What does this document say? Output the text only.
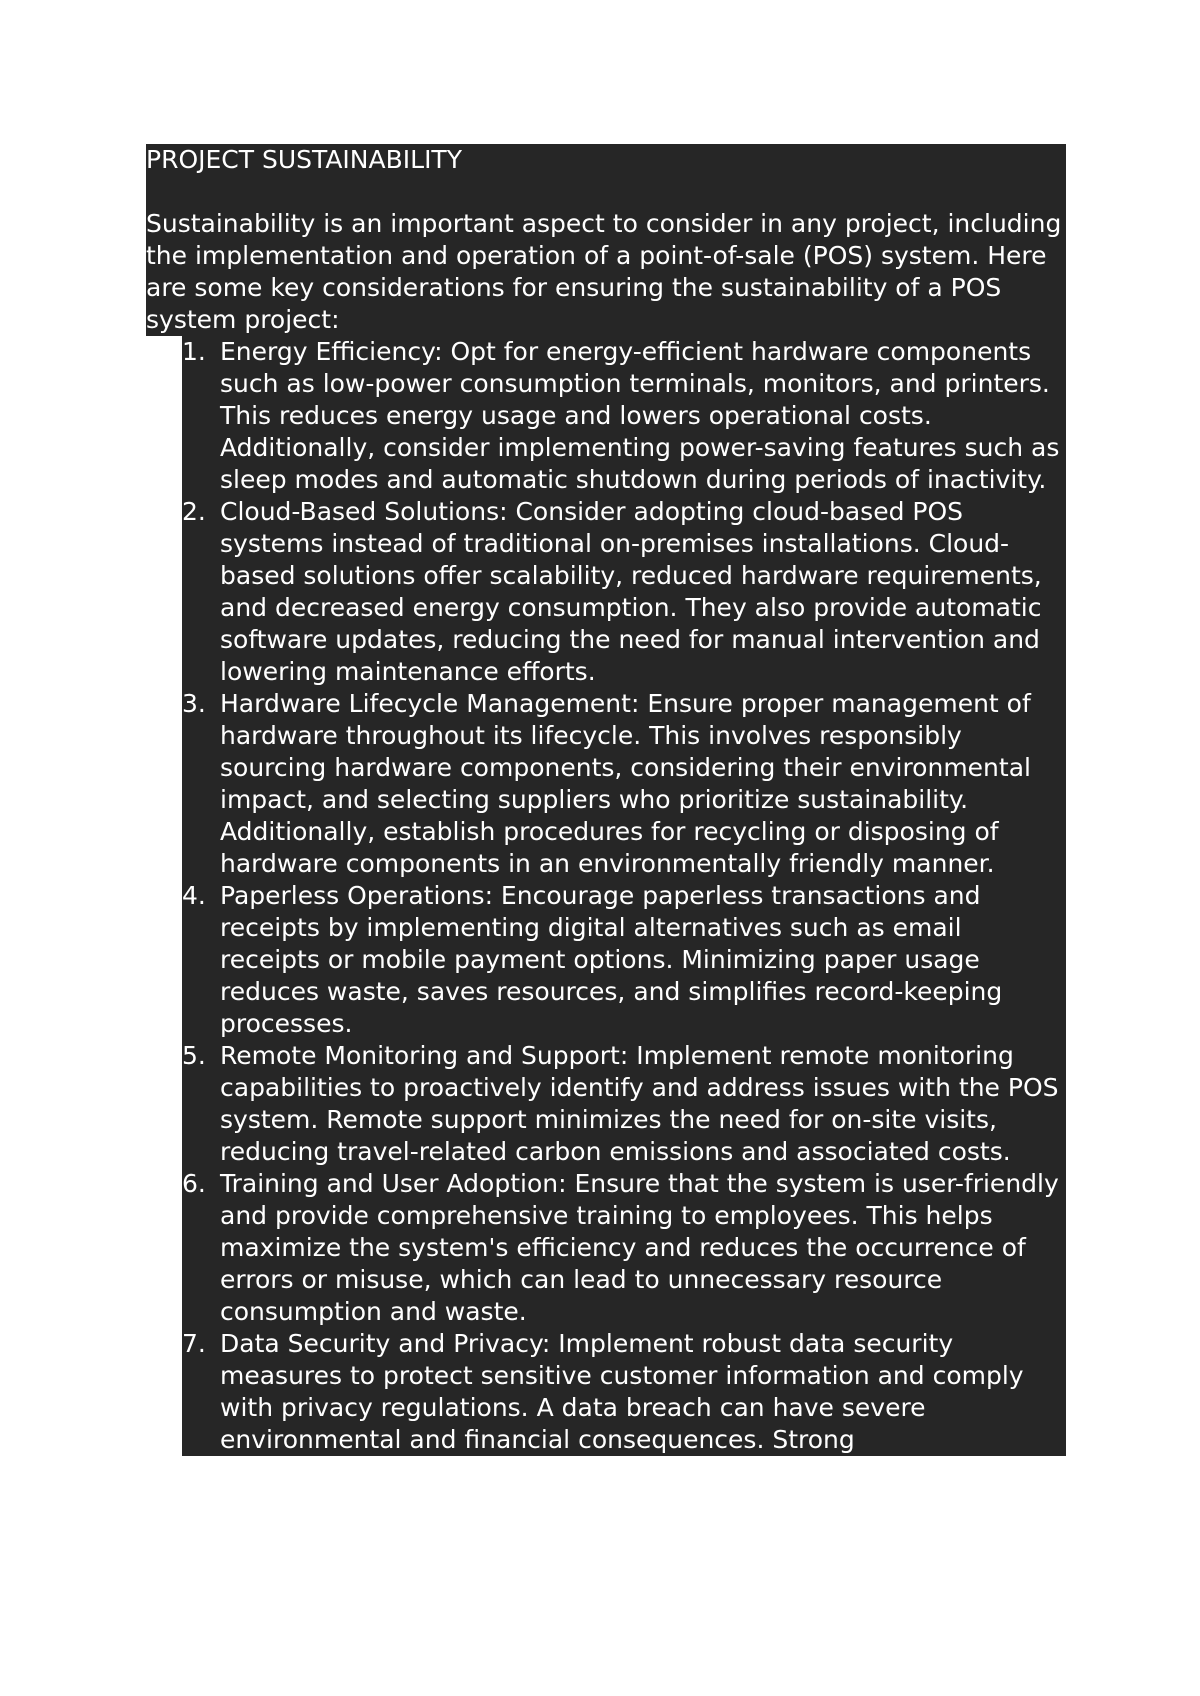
PROJECT SUSTAINABILITY
Sustainability is an important aspect to consider in any project, including the implementation and operation of a point-of-sale (POS) system. Here are some key considerations for ensuring the sustainability of a POS system project:
1. Energy Efficiency: Opt for energy-efficient hardware components such as low-power consumption terminals, monitors, and printers. This reduces energy usage and lowers operational costs. Additionally, consider implementing power-saving features such as sleep modes and automatic shutdown during periods of inactivity.
2. Cloud-Based Solutions: Consider adopting cloud-based POS systems instead of traditional on-premises installations. Cloud-based solutions offer scalability, reduced hardware requirements, and decreased energy consumption. They also provide automatic software updates, reducing the need for manual intervention and lowering maintenance efforts.
3. Hardware Lifecycle Management: Ensure proper management of hardware throughout its lifecycle. This involves responsibly sourcing hardware components, considering their environmental impact, and selecting suppliers who prioritize sustainability. Additionally, establish procedures for recycling or disposing of hardware components in an environmentally friendly manner.
4. Paperless Operations: Encourage paperless transactions and receipts by implementing digital alternatives such as email receipts or mobile payment options. Minimizing paper usage reduces waste, saves resources, and simplifies record-keeping processes.
5. Remote Monitoring and Support: Implement remote monitoring capabilities to proactively identify and address issues with the POS system. Remote support minimizes the need for on-site visits, reducing travel-related carbon emissions and associated costs.
6. Training and User Adoption: Ensure that the system is user-friendly and provide comprehensive training to employees. This helps maximize the system's efficiency and reduces the occurrence of errors or misuse, which can lead to unnecessary resource consumption and waste.
7. Data Security and Privacy: Implement robust data security measures to protect sensitive customer information and comply with privacy regulations. A data breach can have severe environmental and financial consequences. Strong
